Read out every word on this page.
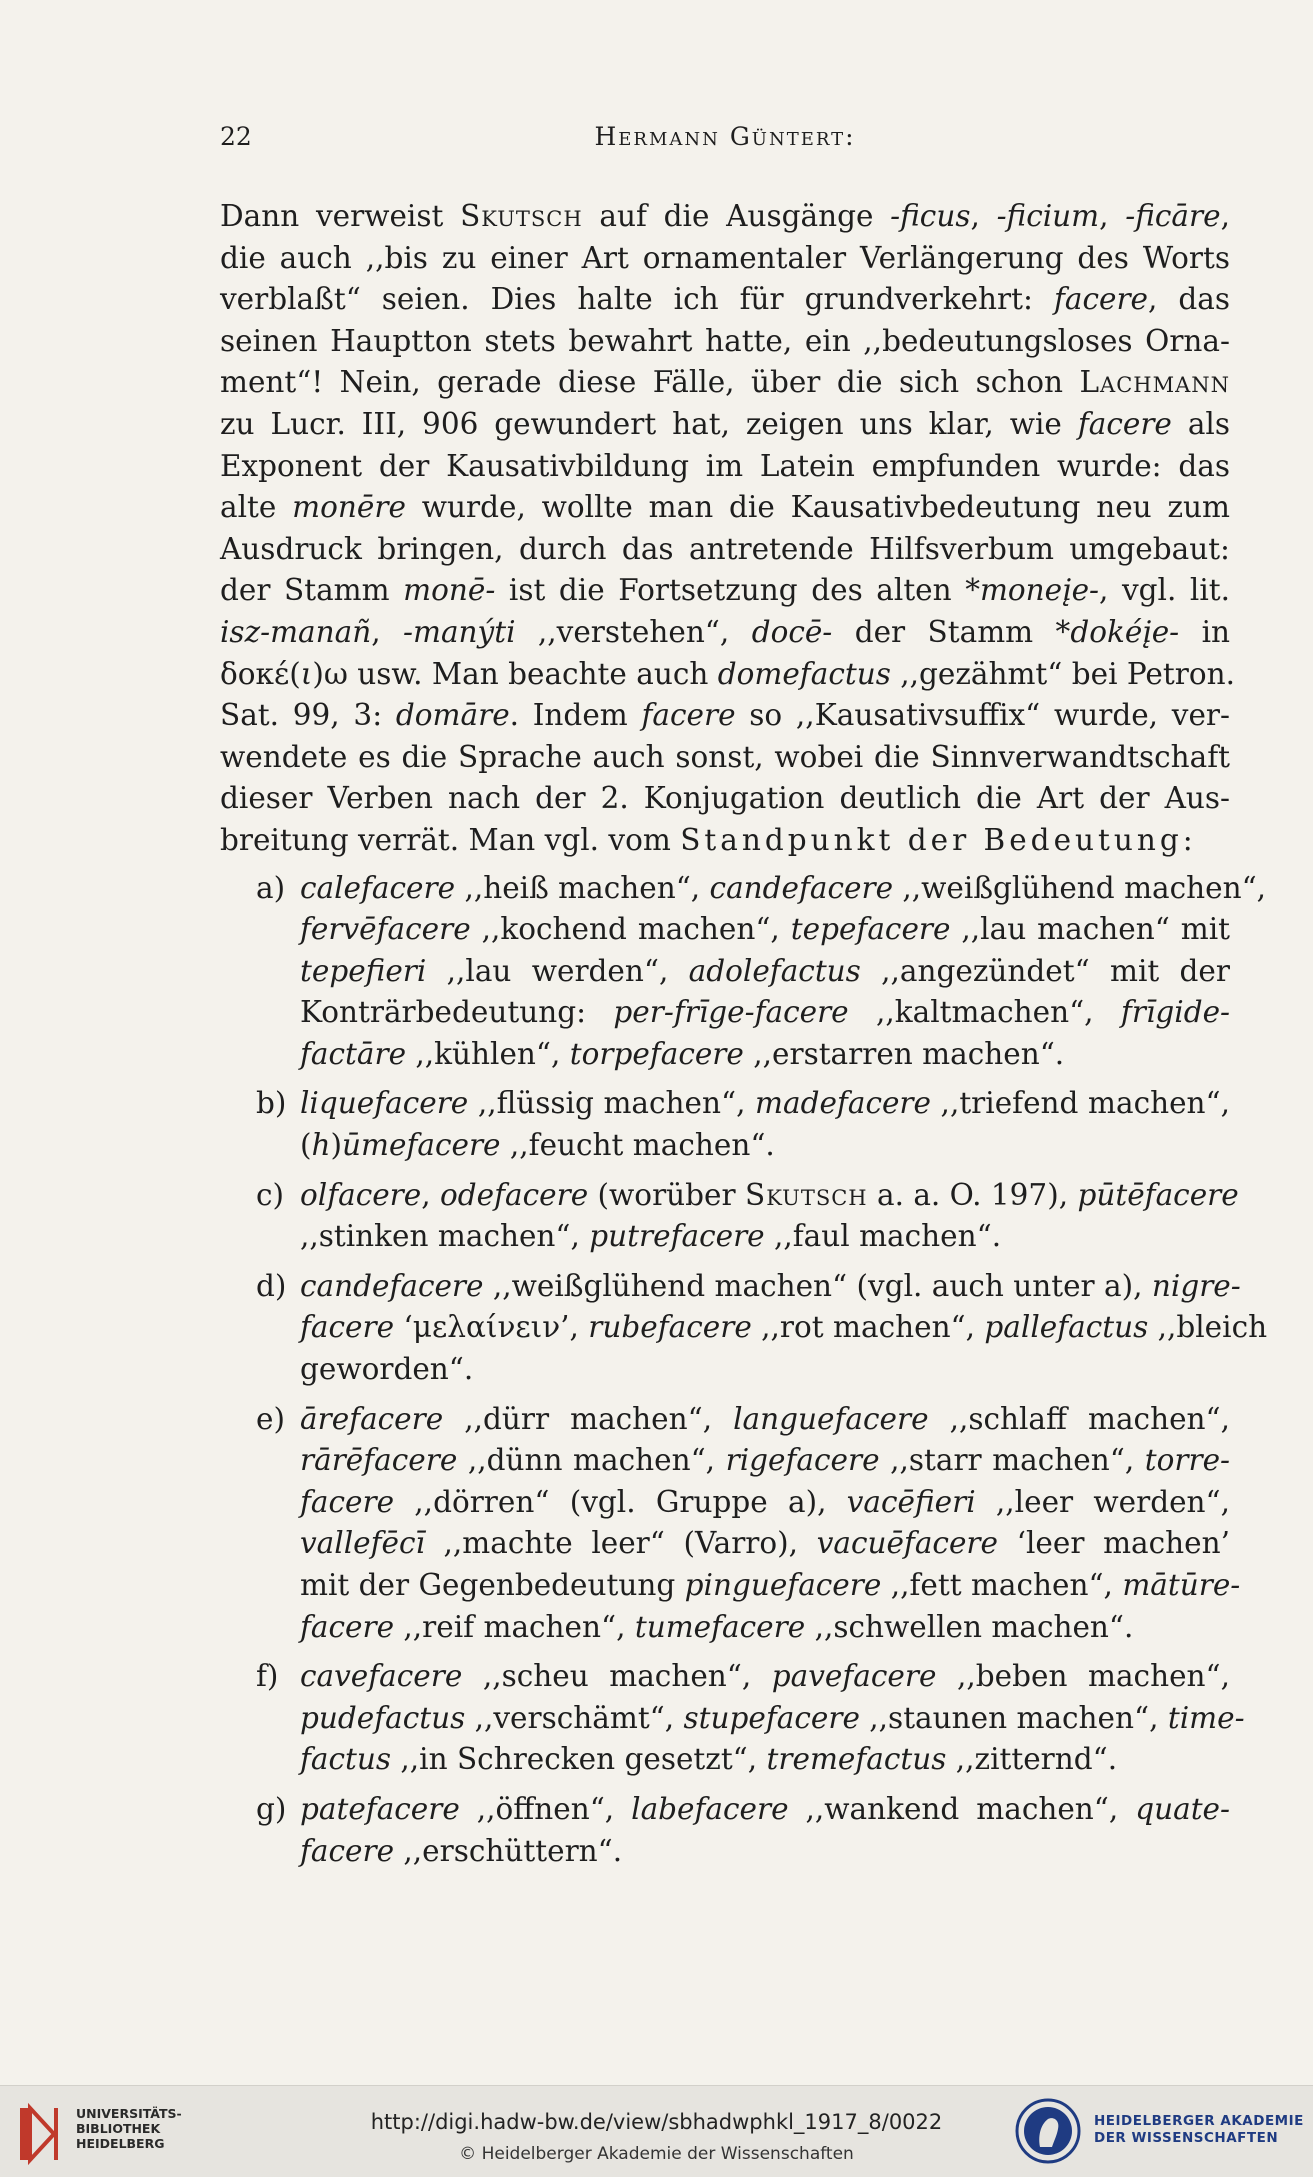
22	Hermann Güntert:
Dann verweist Skutsch auf die Ausgänge -ficus, -ficium, -ficāre,
die auch ,,bis zu einer Art ornamentaler Verlängerung des Worts
verblaßt“ seien. Dies halte ich für grundverkehrt: facere, das
seinen Hauptton stets bewahrt hatte, ein ,,bedeutungsloses Orna-
ment“! Nein, gerade diese Fälle, über die sich schon Lachmann
zu Lucr. III, 906 gewundert hat, zeigen uns klar, wie facere als
Exponent der Kausativbildung im Latein empfunden wurde: das
alte monēre wurde, wollte man die Kausativbedeutung neu zum
Ausdruck bringen, durch das antretende Hilfsverbum umgebaut:
der Stamm monē- ist die Fortsetzung des alten *moneįe-, vgl. lit.
isz-manañ, -manýti ,,verstehen“, docē- der Stamm *dokéįe- in
δοκέ(ι)ω usw. Man beachte auch domefactus ,,gezähmt“ bei Petron.
Sat. 99, 3: domāre. Indem facere so ,,Kausativsuffix“ wurde, ver-
wendete es die Sprache auch sonst, wobei die Sinnverwandtschaft
dieser Verben nach der 2. Konjugation deutlich die Art der Aus-
breitung verrät. Man vgl. vom Standpunkt der Bedeutung:
a) calefacere ,,heiß machen“, candefacere ,,weißglühend machen“,
fervēfacere ,,kochend machen“, tepefacere ,,lau machen“ mit
tepefieri ,,lau werden“, adolefactus ,,angezündet“ mit der
Konträrbedeutung: per-frīge-facere ,,kaltmachen“, frīgide-
factāre ,,kühlen“, torpefacere ,,erstarren machen“.
b) liquefacere ,,flüssig machen“, madefacere ,,triefend machen“,
(h)ūmefacere ,,feucht machen“.
c) olfacere, odefacere (worüber Skutsch a. a. O. 197), pūtēfacere
,,stinken machen“, putrefacere ,,faul machen“.
d) candefacere ,,weißglühend machen“ (vgl. auch unter a), nigre-
facere ‘μελαίνειν’, rubefacere ,,rot machen“, pallefactus ,,bleich
geworden“.
e) ārefacere ,,dürr machen“, languefacere ,,schlaff machen“,
rārēfacere ,,dünn machen“, rigefacere ,,starr machen“, torre-
facere ,,dörren“ (vgl. Gruppe a), vacēfieri ,,leer werden“,
vallefēcī ,,machte leer“ (Varro), vacuēfacere ‘leer machen’
mit der Gegenbedeutung pinguefacere ,,fett machen“, mātūre-
facere ,,reif machen“, tumefacere ,,schwellen machen“.
f) cavefacere ,,scheu machen“, pavefacere ,,beben machen“,
pudefactus ,,verschämt“, stupefacere ,,staunen machen“, time-
factus ,,in Schrecken gesetzt“, tremefactus ,,zitternd“.
g) patefacere ,,öffnen“, labefacere ,,wankend machen“, quate-
facere ,,erschüttern“.
UNIVERSITÄTS-
BIBLIOTHEK
HEIDELBERG
http://digi.hadw-bw.de/view/sbhadwphkl_1917_8/0022
© Heidelberger Akademie der Wissenschaften
HEIDELBERGER AKADEMIE
DER WISSENSCHAFTEN
